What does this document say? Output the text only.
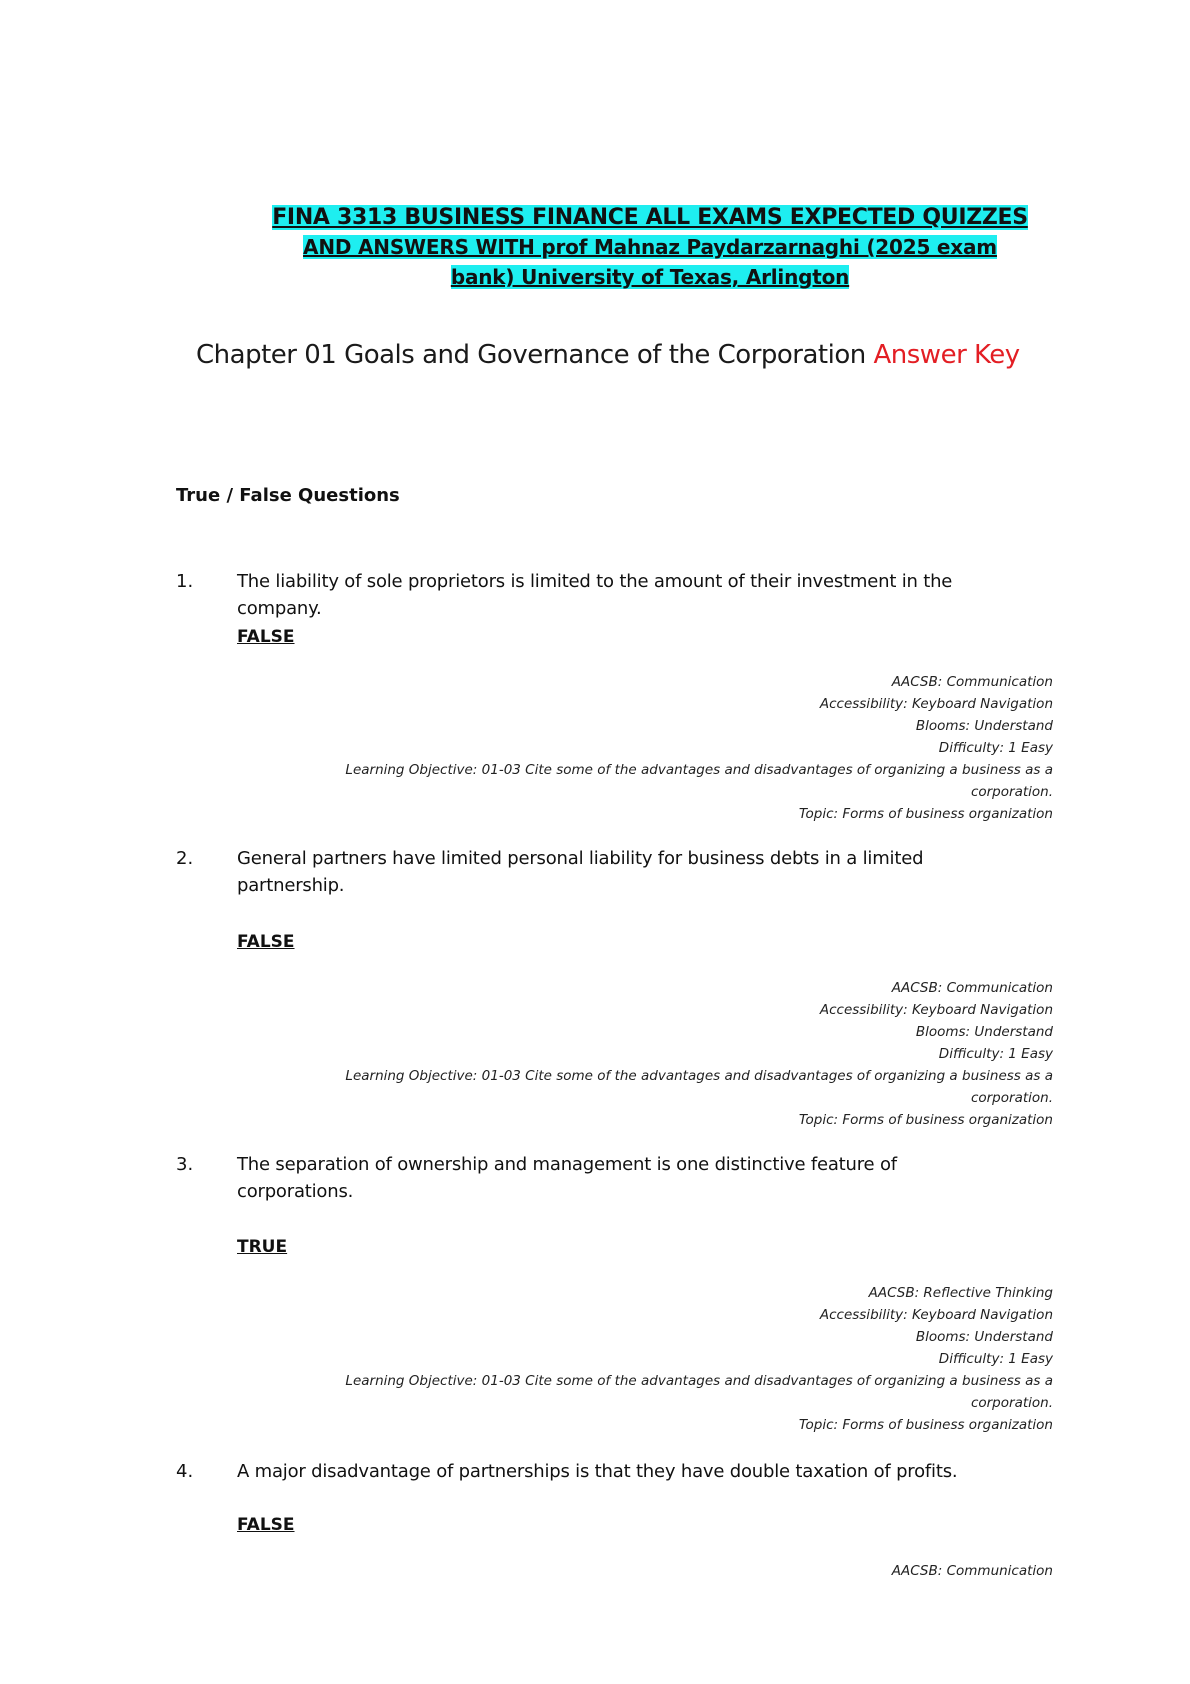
FINA 3313 BUSINESS FINANCE ALL EXAMS EXPECTED QUIZZES
AND ANSWERS WITH prof Mahnaz Paydarzarnaghi (2025 exam
bank) University of Texas, Arlington
Chapter 01 Goals and Governance of the Corporation Answer Key
True / False Questions
1. The liability of sole proprietors is limited to the amount of their investment in the company.
FALSE
AACSB: Communication
Accessibility: Keyboard Navigation
Blooms: Understand
Difficulty: 1 Easy
Learning Objective: 01-03 Cite some of the advantages and disadvantages of organizing a business as a corporation.
Topic: Forms of business organization
2. General partners have limited personal liability for business debts in a limited partnership.
FALSE
AACSB: Communication
Accessibility: Keyboard Navigation
Blooms: Understand
Difficulty: 1 Easy
Learning Objective: 01-03 Cite some of the advantages and disadvantages of organizing a business as a corporation.
Topic: Forms of business organization
3. The separation of ownership and management is one distinctive feature of corporations.
TRUE
AACSB: Reflective Thinking
Accessibility: Keyboard Navigation
Blooms: Understand
Difficulty: 1 Easy
Learning Objective: 01-03 Cite some of the advantages and disadvantages of organizing a business as a corporation.
Topic: Forms of business organization
4. A major disadvantage of partnerships is that they have double taxation of profits.
FALSE
AACSB: Communication
